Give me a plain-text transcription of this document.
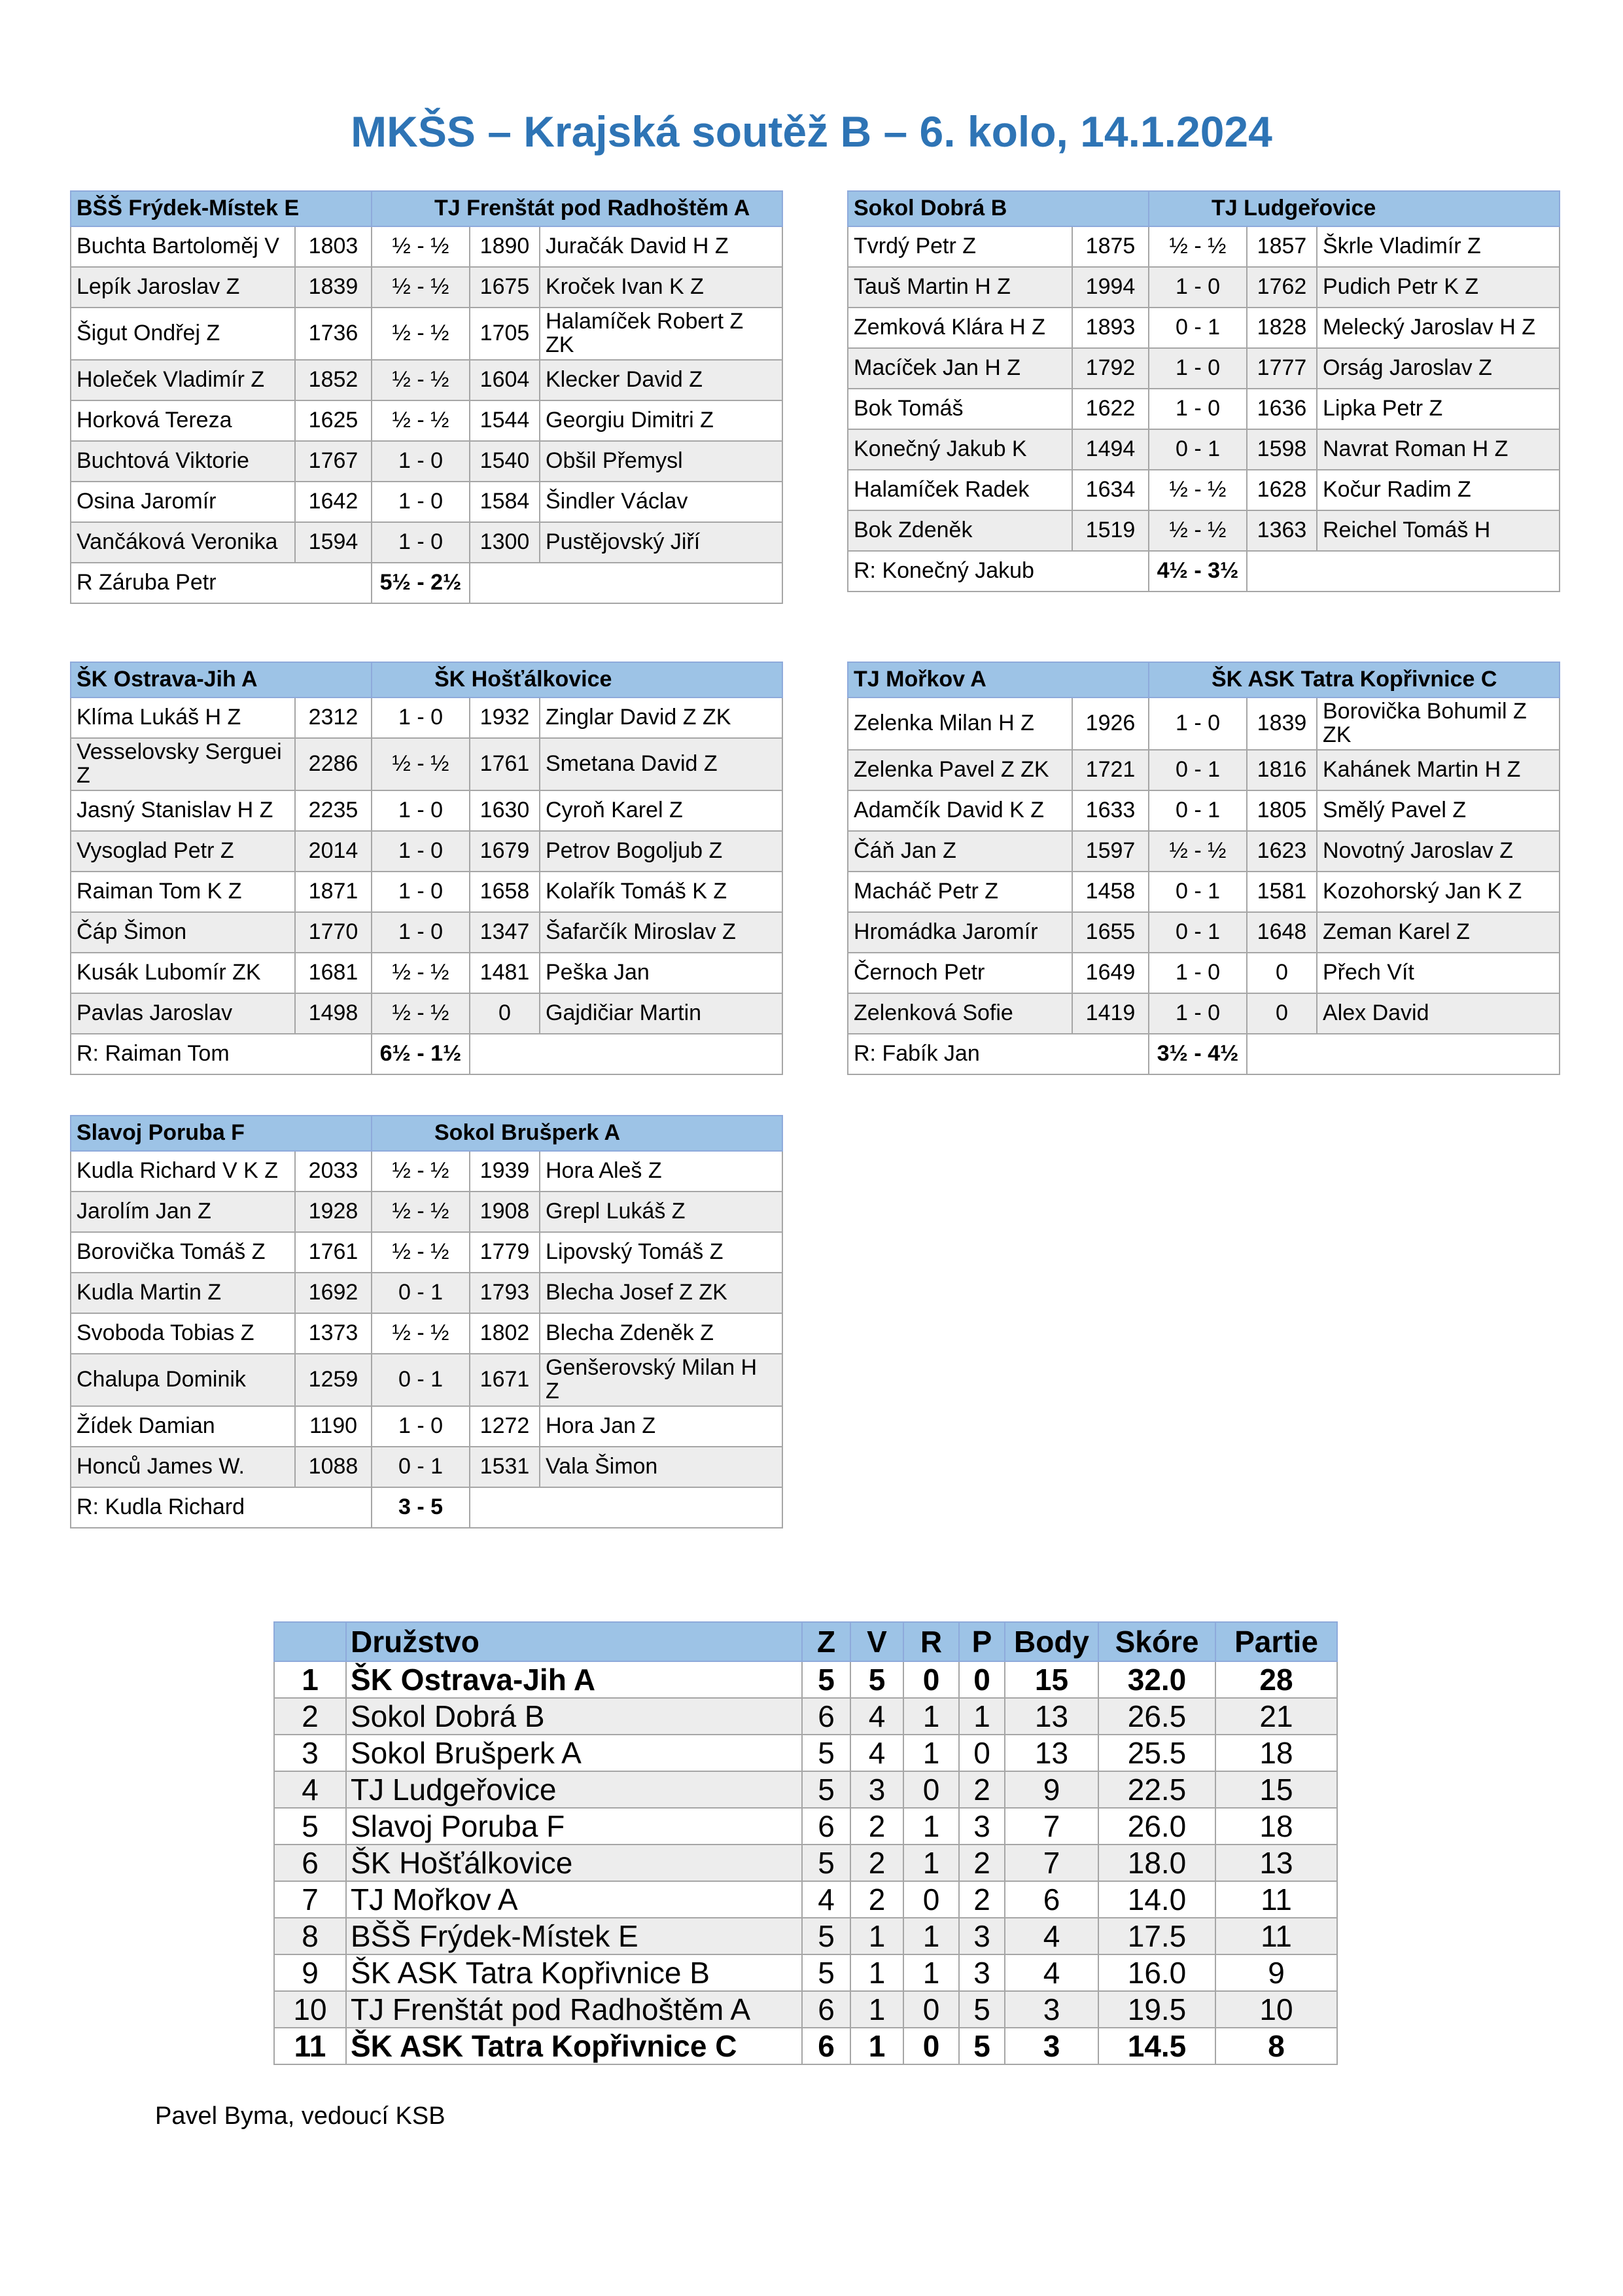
MKŠS – Krajská soutěž B – 6. kolo, 14.1.2024
BŠŠ Frýdek-Místek E		TJ Frenštát pod Radhoštěm A		
Buchta Bartoloměj V	1803	½ - ½	1890	Juračák David H Z
Lepík Jaroslav Z	1839	½ - ½	1675	Kroček Ivan K Z
Šigut Ondřej Z	1736	½ - ½	1705	Halamíček Robert Z ZK
Holeček Vladimír Z	1852	½ - ½	1604	Klecker David Z
Horková Tereza	1625	½ - ½	1544	Georgiu Dimitri Z
Buchtová Viktorie	1767	1 - 0	1540	Obšil Přemysl
Osina Jaromír	1642	1 - 0	1584	Šindler Václav
Vančáková Veronika	1594	1 - 0	1300	Pustějovský Jiří
R Záruba Petr		5½ - 2½		
Sokol Dobrá B		TJ Ludgeřovice		
Tvrdý Petr Z	1875	½ - ½	1857	Škrle Vladimír Z
Tauš Martin H Z	1994	1 - 0	1762	Pudich Petr K Z
Zemková Klára H Z	1893	0 - 1	1828	Melecký Jaroslav H Z
Macíček Jan H Z	1792	1 - 0	1777	Orság Jaroslav Z
Bok Tomáš	1622	1 - 0	1636	Lipka Petr Z
Konečný Jakub K	1494	0 - 1	1598	Navrat Roman H Z
Halamíček Radek	1634	½ - ½	1628	Kočur Radim Z
Bok Zdeněk	1519	½ - ½	1363	Reichel Tomáš H
R: Konečný Jakub		4½ - 3½		
ŠK Ostrava-Jih A		ŠK Hošťálkovice		
Klíma Lukáš H Z	2312	1 - 0	1932	Zinglar David Z ZK
Vesselovsky Serguei Z	2286	½ - ½	1761	Smetana David Z
Jasný Stanislav H Z	2235	1 - 0	1630	Cyroň Karel Z
Vysoglad Petr Z	2014	1 - 0	1679	Petrov Bogoljub Z
Raiman Tom K Z	1871	1 - 0	1658	Kolařík Tomáš K Z
Čáp Šimon	1770	1 - 0	1347	Šafarčík Miroslav Z
Kusák Lubomír ZK	1681	½ - ½	1481	Peška Jan
Pavlas Jaroslav	1498	½ - ½	0	Gajdičiar Martin
R: Raiman Tom		6½ - 1½		
TJ Mořkov A		ŠK ASK Tatra Kopřivnice C		
Zelenka Milan H Z	1926	1 - 0	1839	Borovička Bohumil Z ZK
Zelenka Pavel Z ZK	1721	0 - 1	1816	Kahánek Martin H Z
Adamčík David K Z	1633	0 - 1	1805	Smělý Pavel Z
Čáň Jan Z	1597	½ - ½	1623	Novotný Jaroslav Z
Macháč Petr Z	1458	0 - 1	1581	Kozohorský Jan K Z
Hromádka Jaromír	1655	0 - 1	1648	Zeman Karel Z
Černoch Petr	1649	1 - 0	0	Přech Vít
Zelenková Sofie	1419	1 - 0	0	Alex David
R: Fabík Jan		3½ - 4½		
Slavoj Poruba F		Sokol Brušperk A		
Kudla Richard V K Z	2033	½ - ½	1939	Hora Aleš Z
Jarolím Jan Z	1928	½ - ½	1908	Grepl Lukáš Z
Borovička Tomáš Z	1761	½ - ½	1779	Lipovský Tomáš Z
Kudla Martin Z	1692	0 - 1	1793	Blecha Josef Z ZK
Svoboda Tobias Z	1373	½ - ½	1802	Blecha Zdeněk Z
Chalupa Dominik	1259	0 - 1	1671	Genšerovský Milan H Z
Žídek Damian	1190	1 - 0	1272	Hora Jan Z
Honců James W.	1088	0 - 1	1531	Vala Šimon
R: Kudla Richard		3 - 5		
	Družstvo	Z	V	R	P	Body	Skóre	Partie
1	ŠK Ostrava-Jih A	5	5	0	0	15	32.0	28
2	Sokol Dobrá B	6	4	1	1	13	26.5	21
3	Sokol Brušperk A	5	4	1	0	13	25.5	18
4	TJ Ludgeřovice	5	3	0	2	9	22.5	15
5	Slavoj Poruba F	6	2	1	3	7	26.0	18
6	ŠK Hošťálkovice	5	2	1	2	7	18.0	13
7	TJ Mořkov A	4	2	0	2	6	14.0	11
8	BŠŠ Frýdek-Místek E	5	1	1	3	4	17.5	11
9	ŠK ASK Tatra Kopřivnice B	5	1	1	3	4	16.0	9
10	TJ Frenštát pod Radhoštěm A	6	1	0	5	3	19.5	10
11	ŠK ASK Tatra Kopřivnice C	6	1	0	5	3	14.5	8
Pavel Byma, vedoucí KSB
